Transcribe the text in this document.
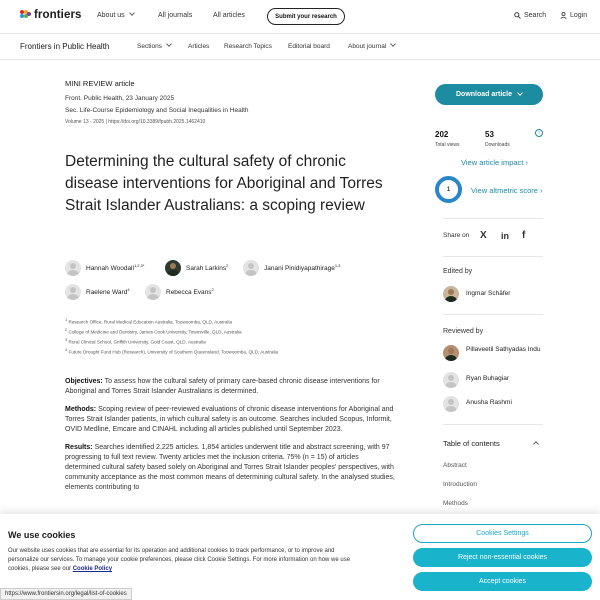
frontiers About us	All journals	All articles	Submit your research	Search	Login
Frontiers in Public Health	Sections	Articles Research Topics Editorial board	About journal
MINI REVIEW article
Front. Public Health, 23 January 2025
Sec. Life-Course Epidemiology and Social Inequalities in Health
Volume 13 - 2025 | https://doi.org/10.3389/fpubh.2025.1462410
Determining the cultural safety of chronic disease interventions for Aboriginal and Torres Strait Islander Australians: a scoping review
Hannah Woodall$^{1,2,3*}$	Sarah Larkins$^2$	Janani Pinidiyapathirage$^{1,3}$
Raelene Ward$^4$	Rebecca Evans$^2$
$^1$ Research Office, Rural Medical Education Australia, Toowoomba, QLD, Australia
$^2$ College of Medicine and Dentistry, James Cook University, Townsville, QLD, Australia
$^3$ Rural Clinical School, Griffith University, Gold Coast, QLD, Australia
$^4$ Future Drought Fund Hub (Research), University of Southern Queensland, Toowoomba, QLD, Australia

Objectives: To assess how the cultural safety of primary care-based chronic disease interventions for Aboriginal and Torres Strait Islander Australians is determined.

Methods: Scoping review of peer-reviewed evaluations of chronic disease interventions for Aboriginal and Torres Strait Islander patients, in which cultural safety is an outcome. Searches included Scopus, Informit, OVID Medline, Emcare and CINAHL including all articles published until September 2023.

Results: Searches identified 2,225 articles. 1,854 articles underwent title and abstract screening, with 97 progressing to full text review. Twenty articles met the inclusion criteria. 75% (n = 15) of articles determined cultural safety based solely on Aboriginal and Torres Strait Islander peoples' perspectives, with community acceptance as the most common means of determining cultural safety. In the analysed studies, elements contributing to

Download article
202
Total views
53
Downloads
i
View article impact ›
1	View altmetric score ›
Share on X in f
Edited by
Ingmar Schäfer
Reviewed by
Pillaveetil Sathyadas Indu
Ryan Buhagiar
Anusha Rashmi
Table of contents
Abstract
Introduction
Methods
We use cookies
Our website uses cookies that are essential for its operation and additional cookies to track performance, or to improve and personalize our services. To manage your cookie preferences, please click Cookie Settings. For more information on how we use cookies, please see our Cookie Policy
Cookies Settings
Reject non-essential cookies
Accept cookies
https://www.frontiersin.org/legal/list-of-cookies
